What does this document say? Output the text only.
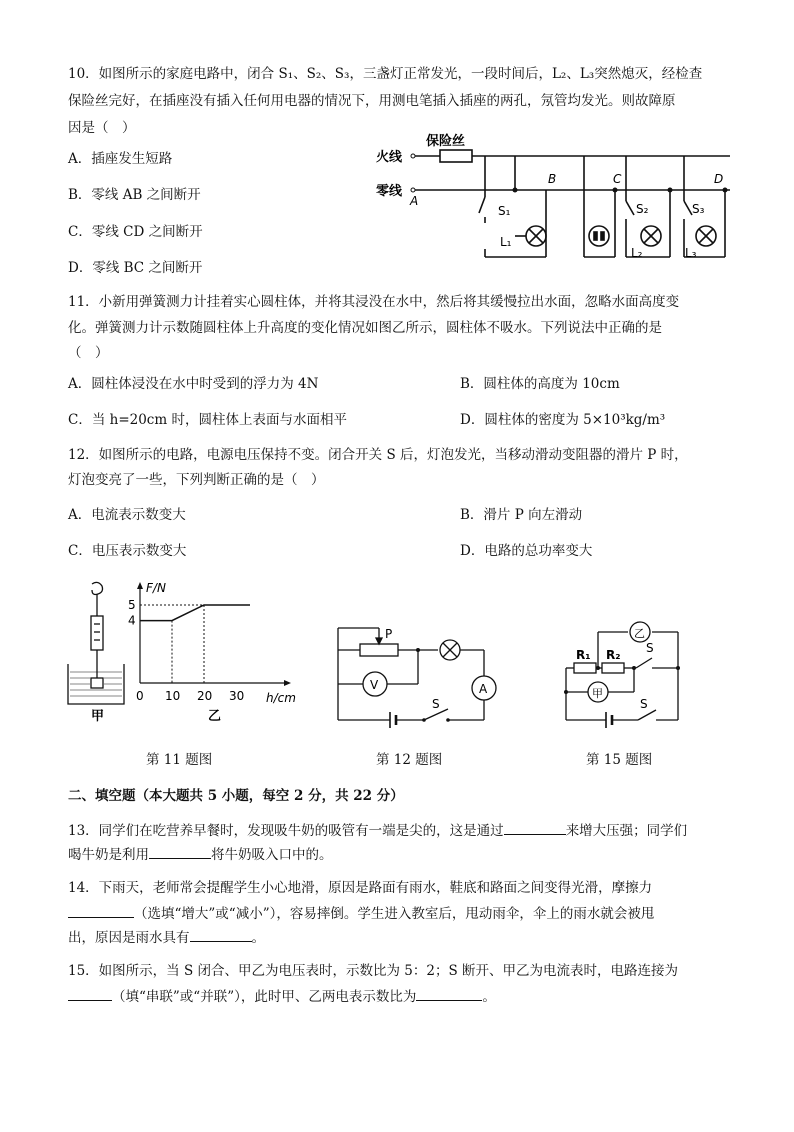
10．如图所示的家庭电路中，闭合 S₁、S₂、S₃，三盏灯正常发光，一段时间后，L₂、L₃突然熄灭，经检查
保险丝完好，在插座没有插入任何用电器的情况下，用测电笔插入插座的两孔，氖管均发光。则故障原
因是（　）
A．插座发生短路
B．零线 AB 之间断开
C．零线 CD 之间断开
D．零线 BC 之间断开
保险丝
火线
零线
A
B	C	D
S₁
L₁
S₂
L₂
S₃
L₃
11．小新用弹簧测力计挂着实心圆柱体，并将其浸没在水中，然后将其缓慢拉出水面，忽略水面高度变
化。弹簧测力计示数随圆柱体上升高度的变化情况如图乙所示，圆柱体不吸水。下列说法中正确的是
（　）
A．圆柱体浸没在水中时受到的浮力为 4N	B．圆柱体的高度为 10cm
C．当 h=20cm 时，圆柱体上表面与水面相平	D．圆柱体的密度为 5×10³kg/m³
12．如图所示的电路，电源电压保持不变。闭合开关 S 后，灯泡发光，当移动滑动变阻器的滑片 P 时，
灯泡变亮了一些，下列判断正确的是（　）
A．电流表示数变大	B．滑片 P 向左滑动
C．电压表示数变大	D．电路的总功率变大
甲
0 10 20 30
4
5
F/N
h/cm
乙
P
V	A
S
R₁ R₂ S
S
甲
乙
第 11 题图	第 12 题图	第 15 题图
二、填空题（本大题共 5 小题，每空 2 分，共 22 分）
13．同学们在吃营养早餐时，发现吸牛奶的吸管有一端是尖的，这是通过	来增大压强；同学们
喝牛奶是利用	将牛奶吸入口中的。
14．下雨天，老师常会提醒学生小心地滑，原因是路面有雨水，鞋底和路面之间变得光滑，摩擦力
（选填“增大”或“减小”），容易摔倒。学生进入教室后，甩动雨伞，伞上的雨水就会被甩
出，原因是雨水具有	。
15．如图所示，当 S 闭合、甲乙为电压表时，示数比为 5：2；S 断开、甲乙为电流表时，电路连接为
（填“串联”或“并联”），此时甲、乙两电表示数比为	。
